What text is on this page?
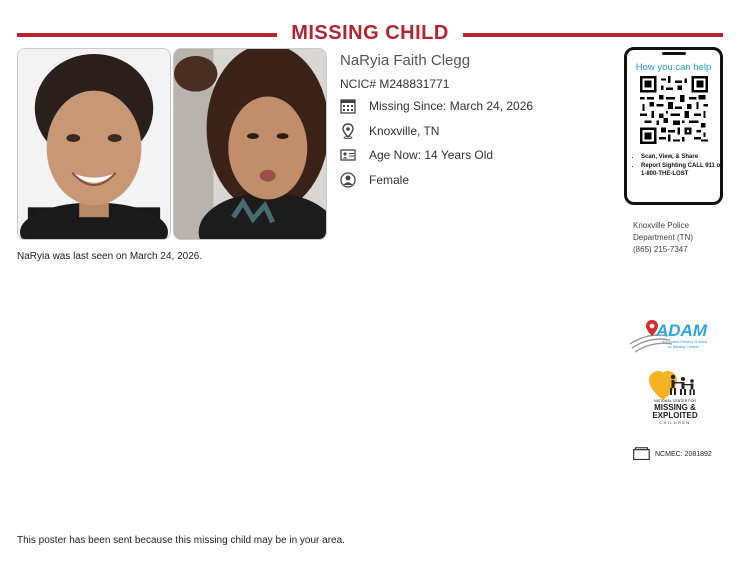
MISSING CHILD
NaRyia Faith Clegg
NCIC# M248831771
Missing Since: March 24, 2026
Knoxville, TN
Age Now: 14 Years Old
Female
NaRyia was last seen on March 24, 2026.
How you can help
• Scan, View, & Share
• Report Sighting CALL 911 or 1-800-THE-LOST
Knoxville Police
Department (TN)
(865) 215-7347
ADAM
Automated Delivery of Alerts
on Missing Children
NATIONAL CENTER FOR
MISSING &
EXPLOITED
CHILDREN
NCMEC: 2081892
This poster has been sent because this missing child may be in your area.
